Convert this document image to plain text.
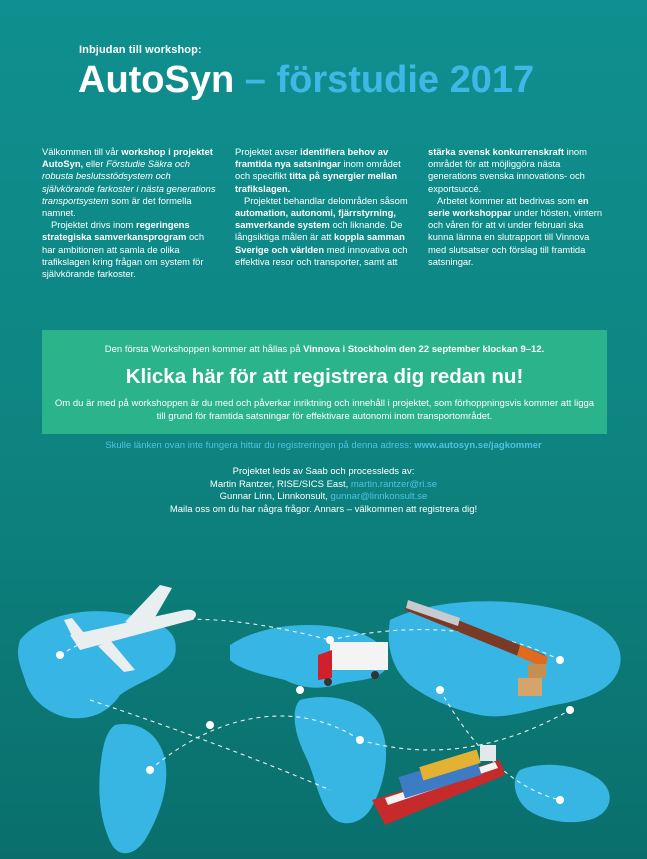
Inbjudan till workshop:
AutoSyn – förstudie 2017

Välkommen till vår workshop i projektet AutoSyn, eller Förstudie Säkra och robusta beslutsstödsystem och självkörande farkoster i nästa generations transportsystem som är det formella namnet.

Projektet drivs inom regeringens strategiska samverkansprogram och har ambitionen att samla de olika trafikslagen kring frågan om system för självkörande farkoster.

Projektet avser identifiera behov av framtida nya satsningar inom området och specifikt titta på synergier mellan trafikslagen.

Projektet behandlar delområden såsom automation, autonomi, fjärrstyrning, samverkande system och liknande. De långsiktiga målen är att koppla samman Sverige och världen med innovativa och effektiva resor och transporter, samt att

stärka svensk konkurrenskraft inom området för att möjliggöra nästa generations svenska innovations- och exportsuccé.

Arbetet kommer att bedrivas som en serie workshoppar under hösten, vintern och våren för att vi under februari ska kunna lämna en slutrapport till Vinnova med slutsatser och förslag till framtida satsningar.

Den första Workshoppen kommer att hållas på Vinnova i Stockholm den 22 september klockan 9–12.
Klicka här för att registrera dig redan nu!
Om du är med på workshoppen är du med och påverkar inriktning och innehåll i projektet, som förhoppningsvis kommer att ligga till grund för framtida satsningar för effektivare autonomi inom transportområdet.
Skulle länken ovan inte fungera hittar du registreringen på denna adress: www.autosyn.se/jagkommer
Projektet leds av Saab och processleds av:
Martin Rantzer, RISE/SICS East, martin.rantzer@ri.se
Gunnar Linn, Linnkonsult, gunnar@linnkonsult.se
Maila oss om du har några frågor. Annars – välkommen att registrera dig!
